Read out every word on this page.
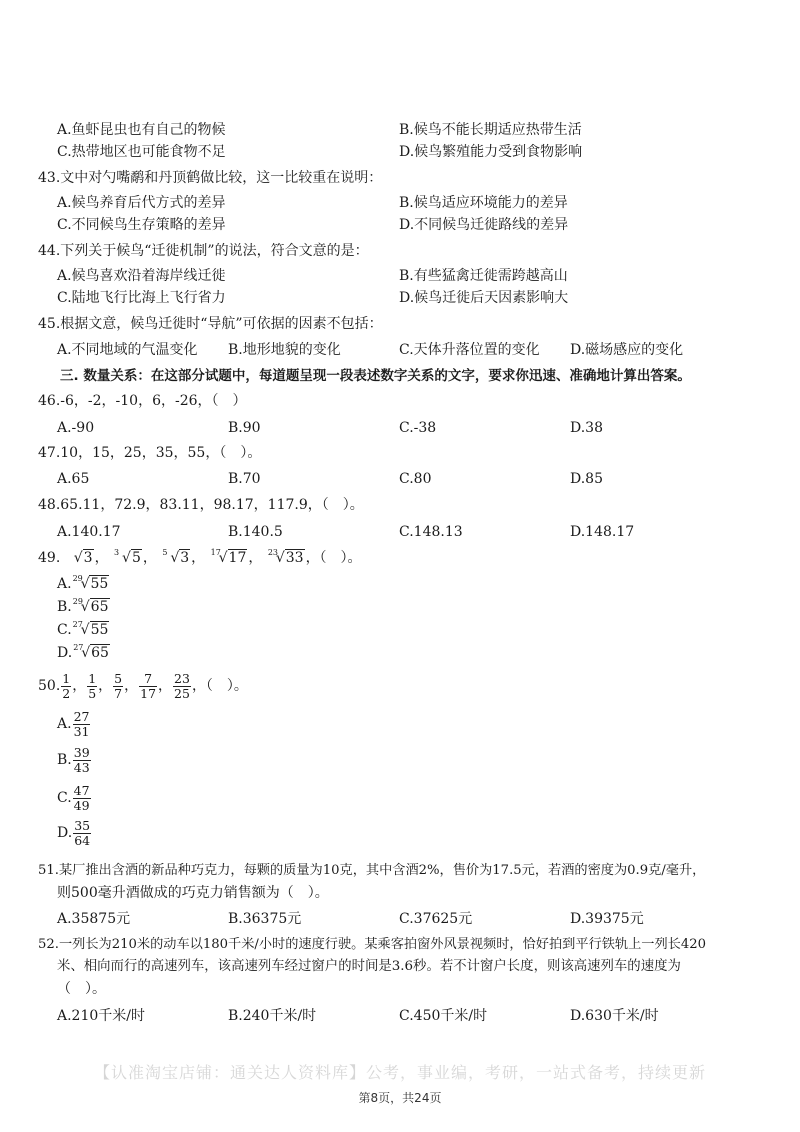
A.鱼虾昆虫也有自己的物候	B.候鸟不能长期适应热带生活
C.热带地区也可能食物不足	D.候鸟繁殖能力受到食物影响
43.文中对勺嘴鹬和丹顶鹤做比较，这一比较重在说明：
A.候鸟养育后代方式的差异	B.候鸟适应环境能力的差异
C.不同候鸟生存策略的差异	D.不同候鸟迁徙路线的差异
44.下列关于候鸟“迁徙机制”的说法，符合文意的是：
A.候鸟喜欢沿着海岸线迁徙	B.有些猛禽迁徙需跨越高山
C.陆地飞行比海上飞行省力	D.候鸟迁徙后天因素影响大
45.根据文意，候鸟迁徙时“导航”可依据的因素不包括：
A.不同地域的气温变化 B.地形地貌的变化	C.天体升落位置的变化 D.磁场感应的变化
三. 数量关系：在这部分试题中，每道题呈现一段表述数字关系的文字，要求你迅速、准确地计算出答案。
46.-6，-2，-10，6，-26，（　）
A.-90	B.90	C.-38	D.38
47.10，15，25，35，55，（　）。
A.65	B.70	C.80	D.85
48.65.11，72.9，83.11，98.17，117.9，（　）。
A.140.17	B.140.5	C.148.13	D.148.17
49. √3 ， 3 √5 ， 5 √3 ， 17
√17 ， 23
√33 ，（　）。
A. 29
√55
B. 29
√65
C. 27
√55
D. 27
√65
50. $\frac{1}{2}$ ， $\frac{1}{5}$ ， $\frac{5}{7}$ ， $\frac{7}{17}$ ， $\frac{23}{25}$ ，（　）。
A. $\frac{27}{31}$
B. $\frac{39}{43}$
C. $\frac{47}{49}$
D. $\frac{35}{64}$
51.某厂推出含酒的新品种巧克力，每颗的质量为10克，其中含酒2%，售价为17.5元，若酒的密度为0.9克/毫升，
则500毫升酒做成的巧克力销售额为（　）。
A.35875元	B.36375元	C.37625元	D.39375元
52.一列长为210米的动车以180千米/小时的速度行驶。某乘客拍窗外风景视频时，恰好拍到平行铁轨上一列长420
米、相向而行的高速列车，该高速列车经过窗户的时间是3.6秒。若不计窗户长度，则该高速列车的速度为
（　）。
A.210千米/时	B.240千米/时	C.450千米/时	D.630千米/时
【认准淘宝店铺：通关达人资料库】公考，事业编，考研，一站式备考，持续更新
第8页，共24页
